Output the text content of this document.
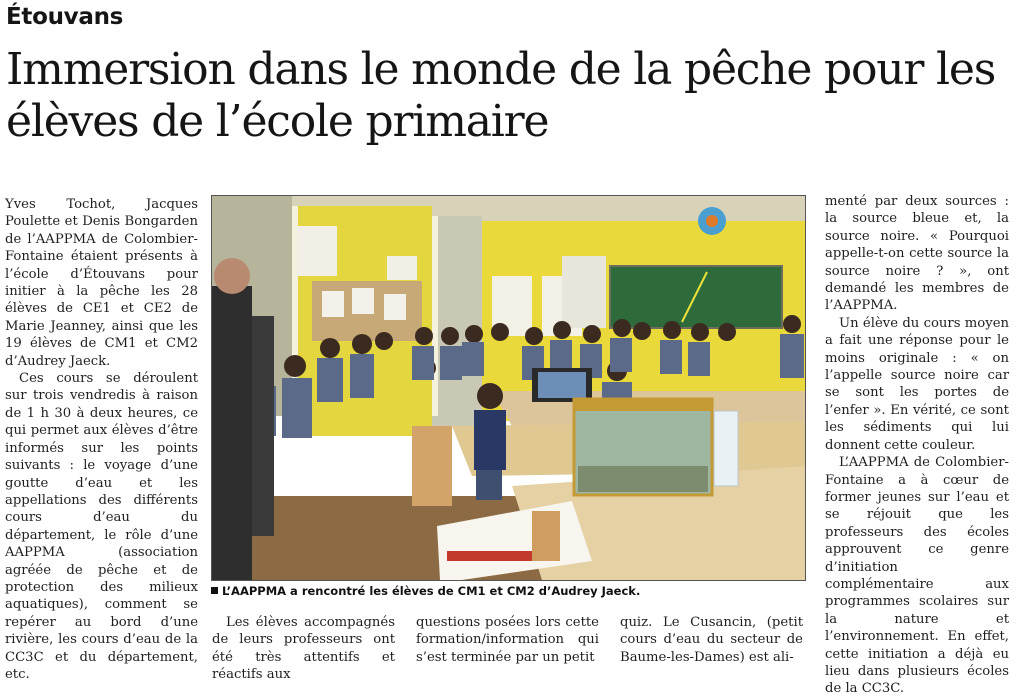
Étouvans
Immersion dans le monde de la pêche pour les élèves de l’école primaire

Yves Tochot, Jacques Poulette et Denis Bongarden de l’AAPPMA de Colombier-Fontaine étaient présents à l’école d’Étouvans pour initier à la pêche les 28 élèves de CE1 et CE2 de Marie Jeanney, ainsi que les 19 élèves de CM1 et CM2 d’Audrey Jaeck.

Ces cours se déroulent sur trois vendredis à raison de 1 h 30 à deux heures, ce qui permet aux élèves d’être informés sur les points suivants : le voyage d’une goutte d’eau et les appellations des différents cours d’eau du département, le rôle d’une AAPPMA (association agréée de pêche et de protection des milieux aquatiques), comment se repérer au bord d’une rivière, les cours d’eau de la CC3C et du département, etc.

L’AAPPMA a rencontré les élèves de CM1 et CM2 d’Audrey Jaeck.

Les élèves accompagnés de leurs professeurs ont été très attentifs et réactifs aux

questions posées lors cette formation/information qui s’est terminée par un petit

quiz. Le Cusancin, (petit cours d’eau du secteur de Baume-les-Dames) est ali-

menté par deux sources : la source bleue et, la source noire. « Pourquoi appelle-t-on cette source la source noire ? », ont demandé les membres de l’AAPPMA.

Un élève du cours moyen a fait une réponse pour le moins originale : « on l’appelle source noire car se sont les portes de l’enfer ». En vérité, ce sont les sédiments qui lui donnent cette couleur.

L’AAPPMA de Colombier-Fontaine a à cœur de former jeunes sur l’eau et se réjouit que les professeurs des écoles approuvent ce genre d’initiation complémentaire aux programmes scolaires sur la nature et l’environnement. En effet, cette initiation a déjà eu lieu dans plusieurs écoles de la CC3C.
